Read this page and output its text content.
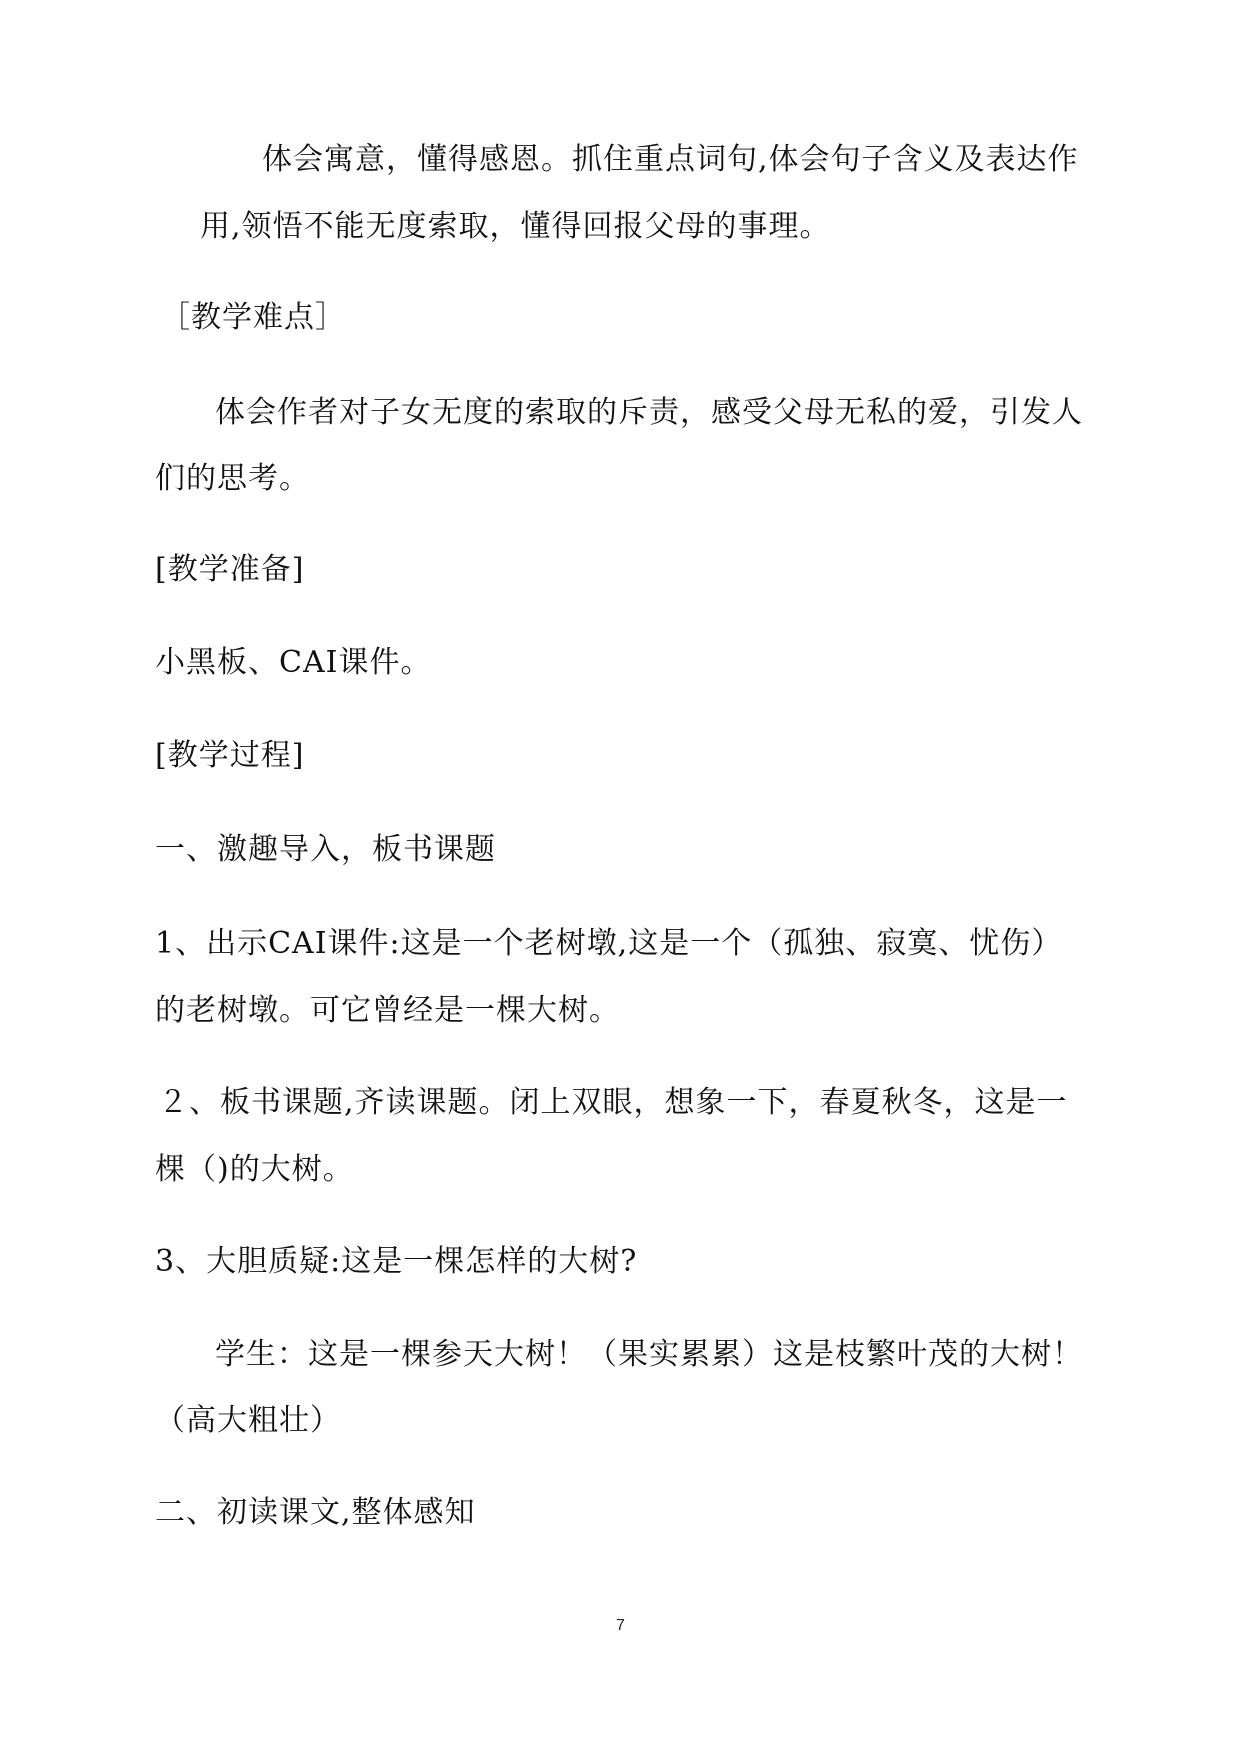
体会寓意，懂得感恩。抓住重点词句,体会句子含义及表达作
用,领悟不能无度索取，懂得回报父母的事理。
［教学难点］
体会作者对子女无度的索取的斥责，感受父母无私的爱，引发人
们的思考。
[教学准备]
小黑板、CAI课件。
[教学过程]
一、激趣导入，板书课题
1、出示CAI课件:这是一个老树墩,这是一个（孤独、寂寞、忧伤）
的老树墩。可它曾经是一棵大树。
２、板书课题,齐读课题。闭上双眼，想象一下，春夏秋冬，这是一
棵（)的大树。
3、大胆质疑:这是一棵怎样的大树?
学生：这是一棵参天大树！（果实累累）这是枝繁叶茂的大树！
（高大粗壮）
二、初读课文,整体感知
7
